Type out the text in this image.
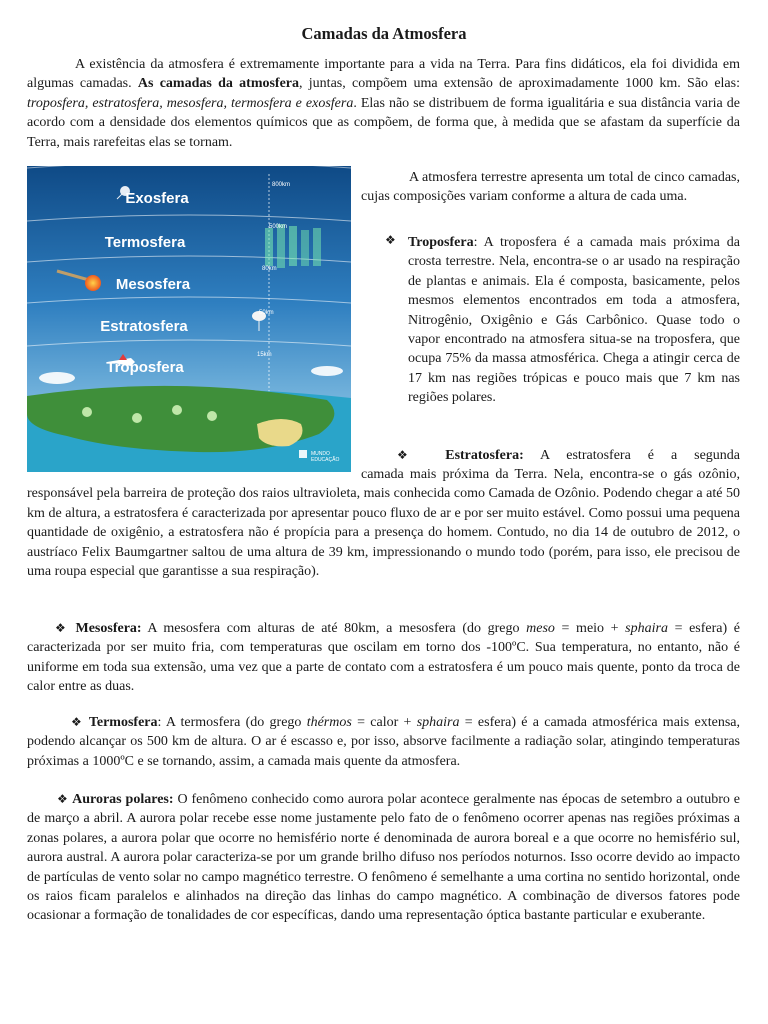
Camadas da Atmosfera

A existência da atmosfera é extremamente importante para a vida na Terra. Para fins didáticos, ela foi dividida em algumas camadas. As camadas da atmosfera, juntas, compõem uma extensão de aproximadamente 1000 km. São elas: troposfera, estratosfera, mesosfera, termosfera e exosfera. Elas não se distribuem de forma igualitária e sua distância varia de acordo com a densidade dos elementos químicos que as compõem, de forma que, à medida que se afastam da superfície da Terra, mais rarefeitas elas se tornam.

Exosfera
Termosfera
Mesosfera
Estratosfera
Troposfera
800km
500km
80km
50km
15km
MUNDO
EDUCAÇÃO

A atmosfera terrestre apresenta um total de cinco camadas, cujas composições variam conforme a altura de cada uma.

❖ Troposfera: A troposfera é a camada mais próxima da crosta terrestre. Nela, encontra-se o ar usado na respiração de plantas e animais. Ela é composta, basicamente, pelos mesmos elementos encontrados em toda a atmosfera, Nitrogênio, Oxigênio e Gás Carbônico. Quase todo o vapor encontrado na atmosfera situa-se na troposfera, que ocupa 75% da massa atmosférica. Chega a atingir cerca de 17 km nas regiões trópicas e pouco mais que 7 km nas regiões polares.

❖ Estratosfera: A estratosfera é a segunda

camada mais próxima da Terra. Nela, encontra-se o gás ozônio, responsável pela barreira de proteção dos raios ultravioleta, mais conhecida como Camada de Ozônio. Podendo chegar a até 50 km de altura, a estratosfera é caracterizada por apresentar pouco fluxo de ar e por ser muito estável. Como possui uma pequena quantidade de oxigênio, a estratosfera não é propícia para a presença do homem. Contudo, no dia 14 de outubro de 2012, o austríaco Felix Baumgartner saltou de uma altura de 39 km, impressionando o mundo todo (porém, para isso, ele precisou de uma roupa especial que garantisse a sua respiração).

❖ Mesosfera: A mesosfera com alturas de até 80km, a mesosfera (do grego meso = meio + sphaira = esfera) é caracterizada por ser muito fria, com temperaturas que oscilam em torno dos -100ºC. Sua temperatura, no entanto, não é uniforme em toda sua extensão, uma vez que a parte de contato com a estratosfera é um pouco mais quente, ponto da troca de calor entre as duas.

❖ Termosfera: A termosfera (do grego thérmos = calor + sphaira = esfera) é a camada atmosférica mais extensa, podendo alcançar os 500 km de altura. O ar é escasso e, por isso, absorve facilmente a radiação solar, atingindo temperaturas próximas a 1000ºC e se tornando, assim, a camada mais quente da atmosfera.

❖ Auroras polares: O fenômeno conhecido como aurora polar acontece geralmente nas épocas de setembro a outubro e de março a abril. A aurora polar recebe esse nome justamente pelo fato de o fenômeno ocorrer apenas nas regiões próximas a zonas polares, a aurora polar que ocorre no hemisfério norte é denominada de aurora boreal e a que ocorre no hemisfério sul, aurora austral. A aurora polar caracteriza-se por um grande brilho difuso nos períodos noturnos. Isso ocorre devido ao impacto de partículas de vento solar no campo magnético terrestre. O fenômeno é semelhante a uma cortina no sentido horizontal, onde os raios ficam paralelos e alinhados na direção das linhas do campo magnético. A combinação de diversos fatores pode ocasionar a formação de tonalidades de cor específicas, dando uma representação óptica bastante particular e exuberante.
